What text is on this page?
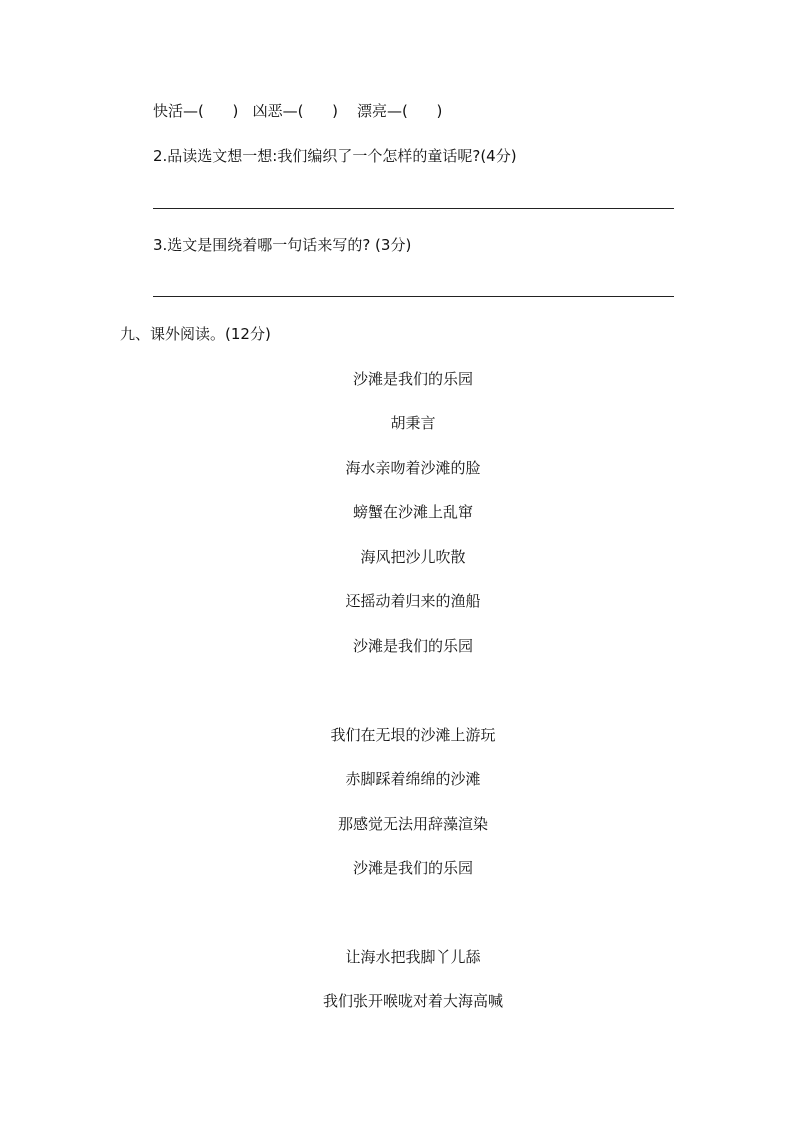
快活—(      )   凶恶—(      )    漂亮—(      )
2.品读选文想一想:我们编织了一个怎样的童话呢?(4分)
3.选文是围绕着哪一句话来写的? (3分)
九、课外阅读。(12分)
沙滩是我们的乐园
胡秉言
海水亲吻着沙滩的脸
螃蟹在沙滩上乱窜
海风把沙儿吹散
还摇动着归来的渔船
沙滩是我们的乐园
我们在无垠的沙滩上游玩
赤脚踩着绵绵的沙滩
那感觉无法用辞藻渲染
沙滩是我们的乐园
让海水把我脚丫儿舔
我们张开喉咙对着大海高喊
